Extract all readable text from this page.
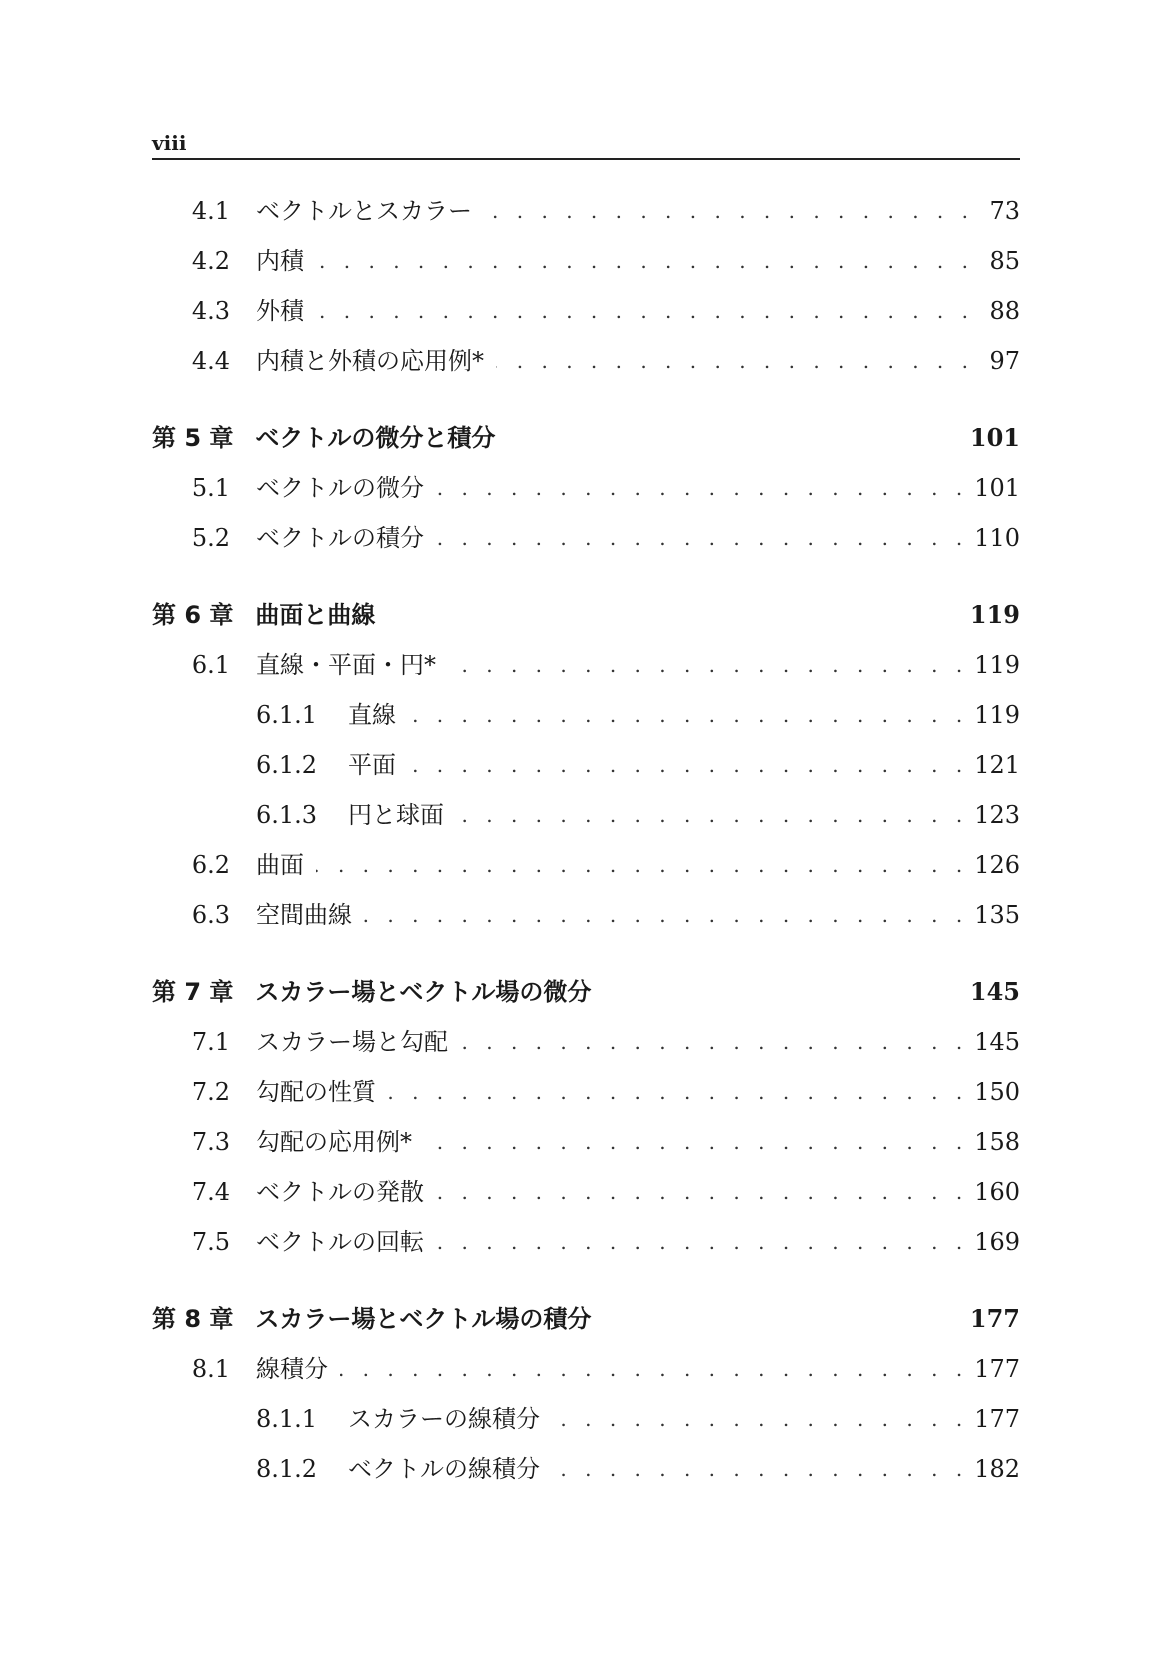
viii
4.1	ベクトルとスカラー . . .	73
4.2	内積 . . .	85
4.3	外積 . . .	88
4.4	内積と外積の応用例* . . .	97
第 5 章 ベクトルの微分と積分	101
5.1	ベクトルの微分 . . .	101
5.2	ベクトルの積分 . . .	110
第 6 章 曲面と曲線	119
6.1	直線・平面・円* . . .	119
6.1.1	直線 . . .	119
6.1.2	平面 . . .	121
6.1.3	円と球面 . . .	123
6.2	曲面 . . .	126
6.3	空間曲線 . . .	135
第 7 章 スカラー場とベクトル場の微分	145
7.1	スカラー場と勾配 . . .	145
7.2	勾配の性質 . . .	150
7.3	勾配の応用例* . . .	158
7.4	ベクトルの発散 . . .	160
7.5	ベクトルの回転 . . .	169
第 8 章 スカラー場とベクトル場の積分	177
8.1	線積分 . . .	177
8.1.1	スカラーの線積分 . . .	177
8.1.2	ベクトルの線積分 . . .	182
